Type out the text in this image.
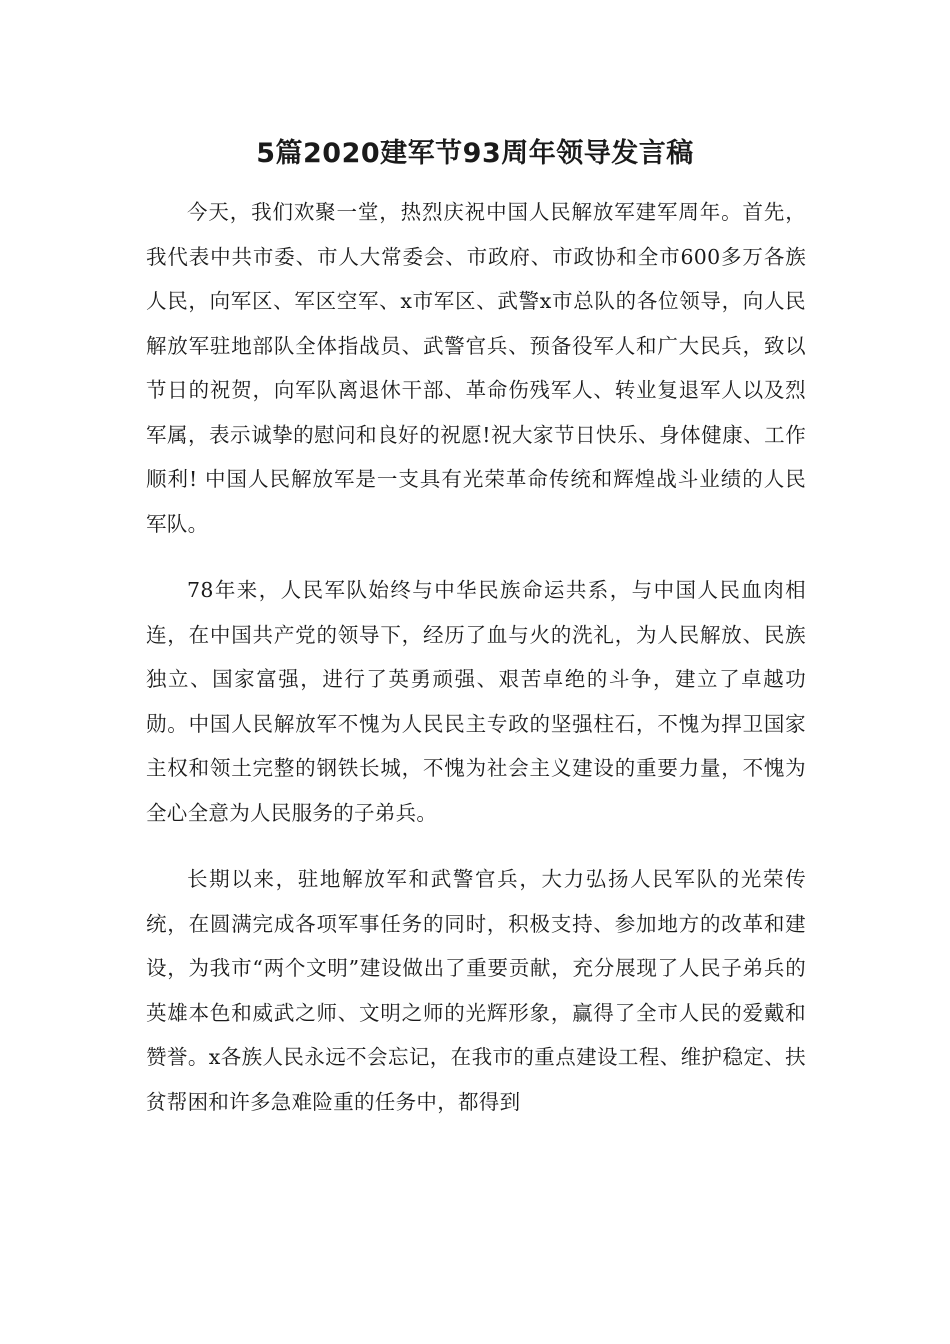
5篇2020建军节93周年领导发言稿

今天，我们欢聚一堂，热烈庆祝中国人民解放军建军周年。首先，我代表中共市委、市人大常委会、市政府、市政协和全市600多万各族人民，向军区、军区空军、x市军区、武警x市总队的各位领导，向人民解放军驻地部队全体指战员、武警官兵、预备役军人和广大民兵，致以节日的祝贺，向军队离退休干部、革命伤残军人、转业复退军人以及烈军属，表示诚挚的慰问和良好的祝愿!祝大家节日快乐、身体健康、工作顺利! 中国人民解放军是一支具有光荣革命传统和辉煌战斗业绩的人民军队。

78年来，人民军队始终与中华民族命运共系，与中国人民血肉相连，在中国共产党的领导下，经历了血与火的洗礼，为人民解放、民族独立、国家富强，进行了英勇顽强、艰苦卓绝的斗争，建立了卓越功勋。中国人民解放军不愧为人民民主专政的坚强柱石，不愧为捍卫国家主权和领土完整的钢铁长城，不愧为社会主义建设的重要力量，不愧为全心全意为人民服务的子弟兵。

长期以来，驻地解放军和武警官兵，大力弘扬人民军队的光荣传统，在圆满完成各项军事任务的同时，积极支持、参加地方的改革和建设，为我市“两个文明”建设做出了重要贡献，充分展现了人民子弟兵的英雄本色和威武之师、文明之师的光辉形象，赢得了全市人民的爱戴和赞誉。x各族人民永远不会忘记，在我市的重点建设工程、维护稳定、扶贫帮困和许多急难险重的任务中，都得到
